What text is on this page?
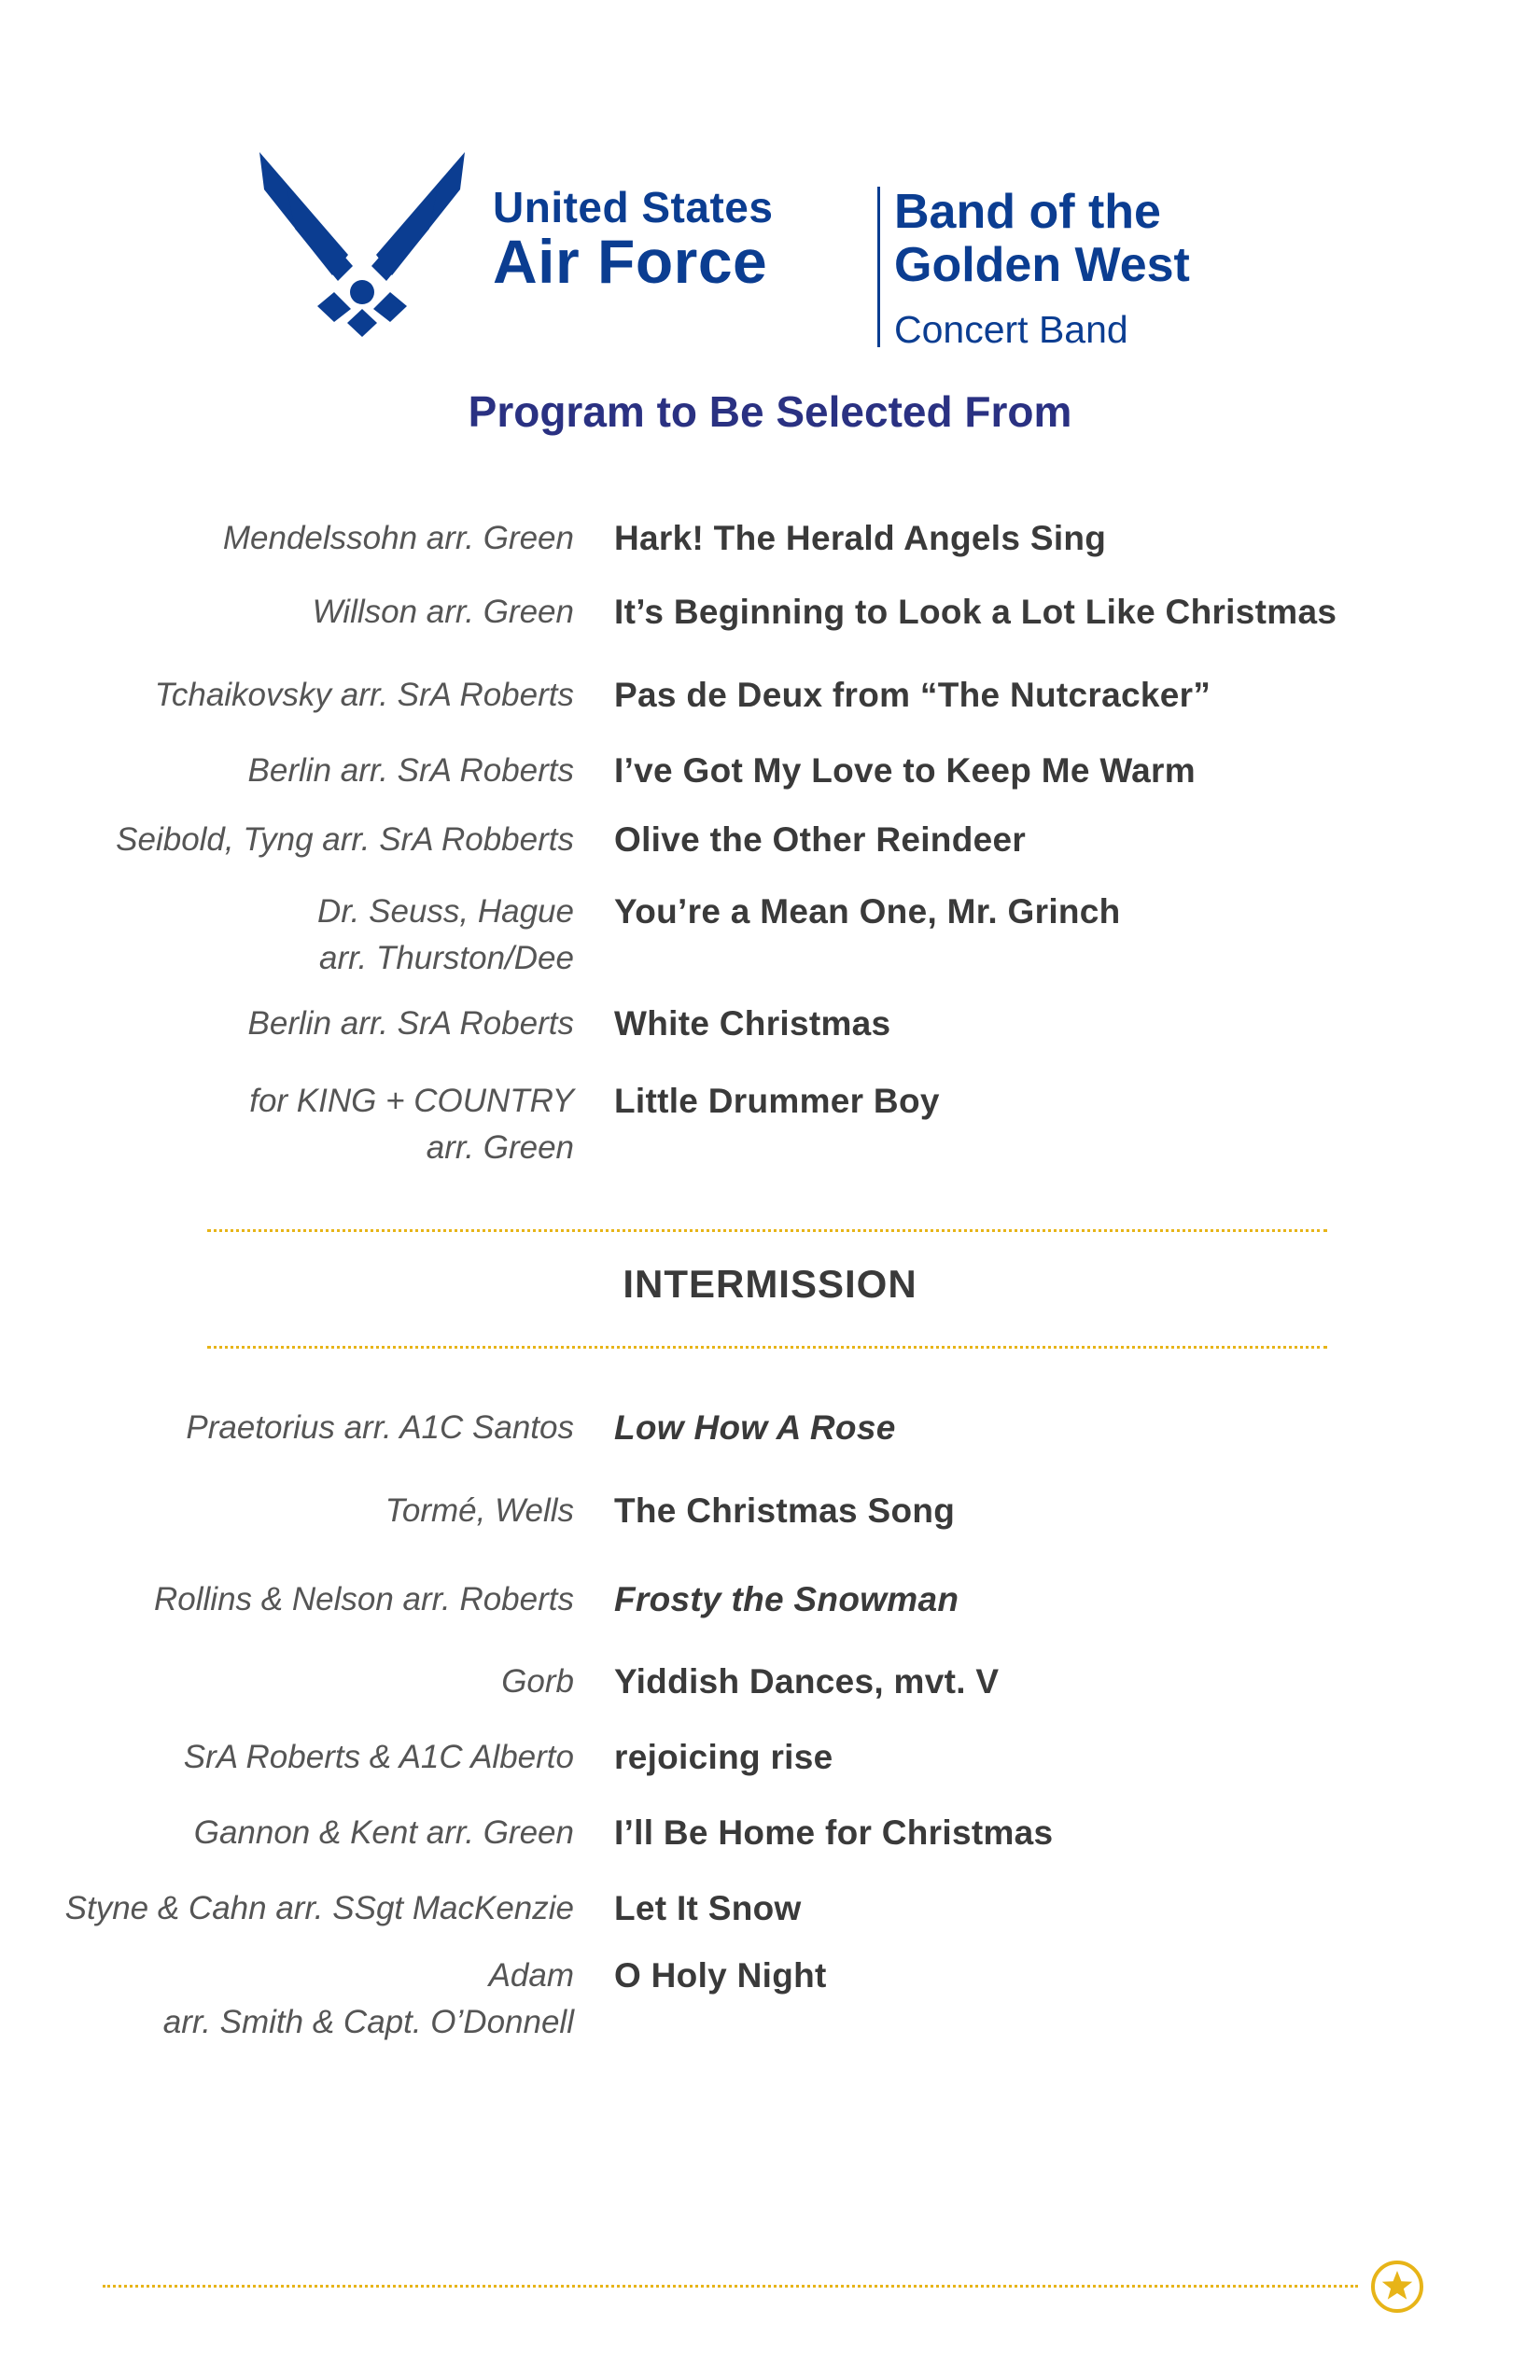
United States
Air Force
Band of the
Golden West
Concert Band
Program to Be Selected From
Mendelssohn arr. Green Hark! The Herald Angels Sing
Willson arr. Green It’s Beginning to Look a Lot Like Christmas
Tchaikovsky arr. SrA Roberts Pas de Deux from “The Nutcracker”
Berlin arr. SrA Roberts I’ve Got My Love to Keep Me Warm
Seibold, Tyng arr. SrA Robberts Olive the Other Reindeer
Dr. Seuss, Hague
arr. Thurston/Dee
You’re a Mean One, Mr. Grinch
Berlin arr. SrA Roberts White Christmas
for KING + COUNTRY
arr. Green
Little Drummer Boy
INTERMISSION
Praetorius arr. A1C Santos Low How A Rose
Tormé, Wells The Christmas Song
Rollins & Nelson arr. Roberts Frosty the Snowman
Gorb Yiddish Dances, mvt. V
SrA Roberts & A1C Alberto rejoicing rise
Gannon & Kent arr. Green I’ll Be Home for Christmas
Styne & Cahn arr. SSgt MacKenzie Let It Snow
Adam
arr. Smith & Capt. O’Donnell
O Holy Night
